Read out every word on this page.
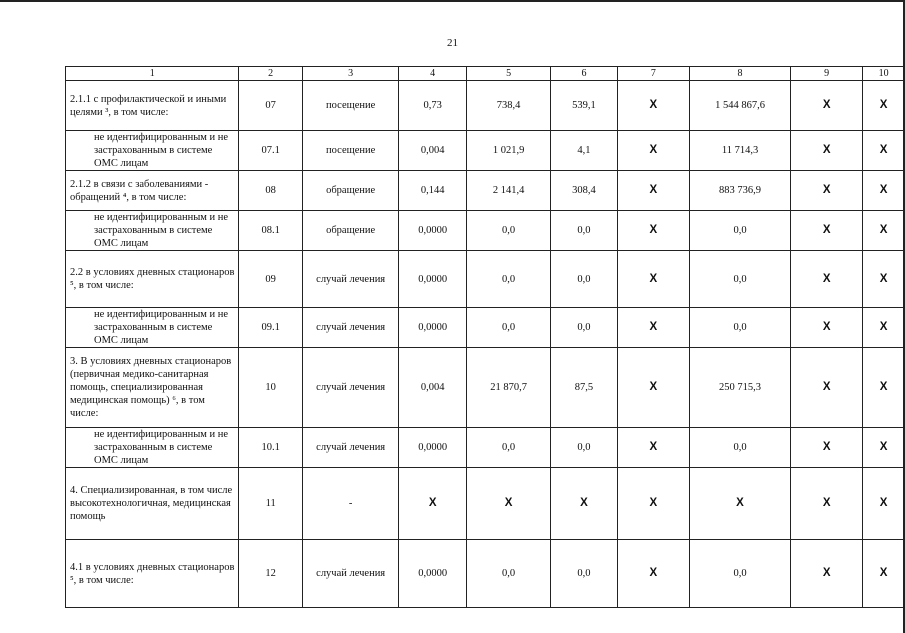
21
1	2	3	4	5	6	7	8	9	10
2.1.1 с профилактической и иными целями ³, в том числе:	07	посещение	0,73	738,4	539,1	X	1 544 867,6	X	X
не идентифицированным и не застрахованным в системе ОМС лицам	07.1	посещение	0,004	1 021,9	4,1	X	11 714,3	X	X
2.1.2 в связи с заболеваниями - обращений ⁴, в том числе:	08	обращение	0,144	2 141,4	308,4	X	883 736,9	X	X
не идентифицированным и не застрахованным в системе ОМС лицам	08.1	обращение	0,0000	0,0	0,0	X	0,0	X	X
2.2 в условиях дневных стационаров ⁵, в том числе:	09	случай лечения	0,0000	0,0	0,0	X	0,0	X	X
не идентифицированным и не застрахованным в системе ОМС лицам	09.1	случай лечения	0,0000	0,0	0,0	X	0,0	X	X
3. В условиях дневных стационаров (первичная медико-санитарная помощь, специализированная медицинская помощь) ⁶, в том числе:	10	случай лечения	0,004	21 870,7	87,5	X	250 715,3	X	X
не идентифицированным и не застрахованным в системе ОМС лицам	10.1	случай лечения	0,0000	0,0	0,0	X	0,0	X	X
4. Специализированная, в том числе высокотехнологичная, медицинская помощь	11	-	X	X	X	X	X	X	X
4.1 в условиях дневных стационаров ⁵, в том числе:	12	случай лечения	0,0000	0,0	0,0	X	0,0	X	X
